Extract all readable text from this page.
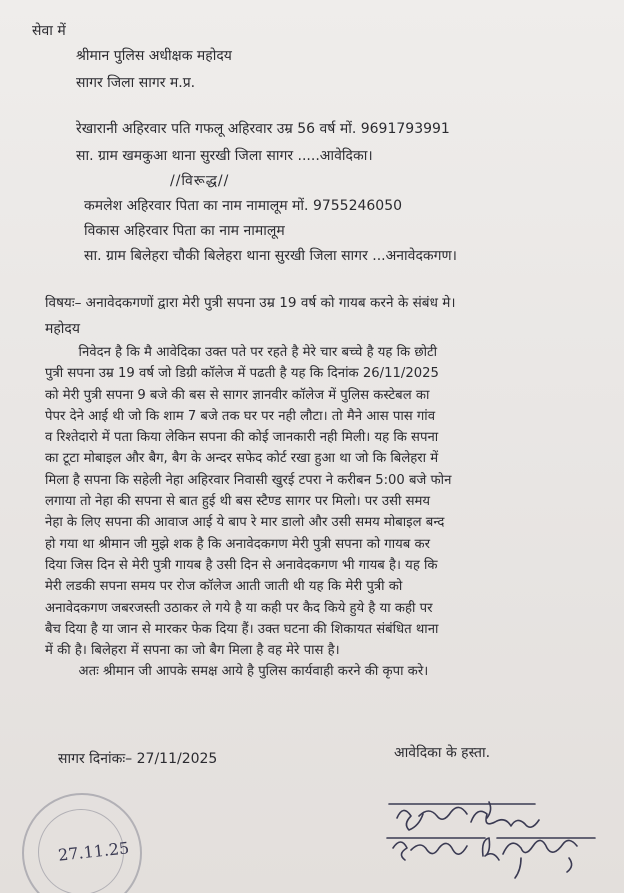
सेवा में
श्रीमान पुलिस अधीक्षक महोदय
सागर जिला सागर म.प्र.
रेखारानी अहिरवार पति गफलू अहिरवार उम्र 56 वर्ष मों. 9691793991
सा. ग्राम खमकुआ थाना सुरखी जिला सागर .....आवेदिका।
//विरूद्ध//
कमलेश अहिरवार पिता का नाम नामालूम मों. 9755246050
विकास अहिरवार पिता का नाम नामालूम
सा. ग्राम बिलेहरा चौकी बिलेहरा थाना सुरखी जिला सागर ...अनावेदकगण।
विषयः– अनावेदकगणों द्वारा मेरी पुत्री सपना उम्र 19 वर्ष को गायब करने के संबंध मे।
महोदय
निवेदन है कि मै आवेदिका उक्त पते पर रहते है मेरे चार बच्चे है यह कि छोटी
पुत्री सपना उम्र 19 वर्ष जो डिग्री कॉलेज में पढती है यह कि दिनांक 26/11/2025
को मेरी पुत्री सपना 9 बजे की बस से सागर ज्ञानवीर कॉलेज में पुलिस कस्टेबल का
पेपर देने आई थी जो कि शाम 7 बजे तक घर पर नही लौटा। तो मैने आस पास गांव
व रिश्तेदारो में पता किया लेकिन सपना की कोई जानकारी नही मिली। यह कि सपना
का टूटा मोबाइल और बैग, बैग के अन्दर सफेद कोर्ट रखा हुआ था जो कि बिलेहरा में
मिला है सपना कि सहेली नेहा अहिरवार निवासी खुरई टपरा ने करीबन 5:00 बजे फोन
लगाया तो नेहा की सपना से बात हुई थी बस स्टैण्ड सागर पर मिलो। पर उसी समय
नेहा के लिए सपना की आवाज आई ये बाप रे मार डालो और उसी समय मोबाइल बन्द
हो गया था श्रीमान जी मुझे शक है कि अनावेदकगण मेरी पुत्री सपना को गायब कर
दिया जिस दिन से मेरी पुत्री गायब है उसी दिन से अनावेदकगण भी गायब है। यह कि
मेरी लडकी सपना समय पर रोज कॉलेज आती जाती थी यह कि मेरी पुत्री को
अनावेदकगण जबरजस्ती उठाकर ले गये है या कही पर कैद किये हुये है या कही पर
बैच दिया है या जान से मारकर फेक दिया हैं। उक्त घटना की शिकायत संबंधित थाना
में की है। बिलेहरा में सपना का जो बैग मिला है वह मेरे पास है।
अतः श्रीमान जी आपके समक्ष आये है पुलिस कार्यवाही करने की कृपा करे।
सागर दिनांकः– 27/11/2025	आवेदिका के हस्ता.
27.11.25
